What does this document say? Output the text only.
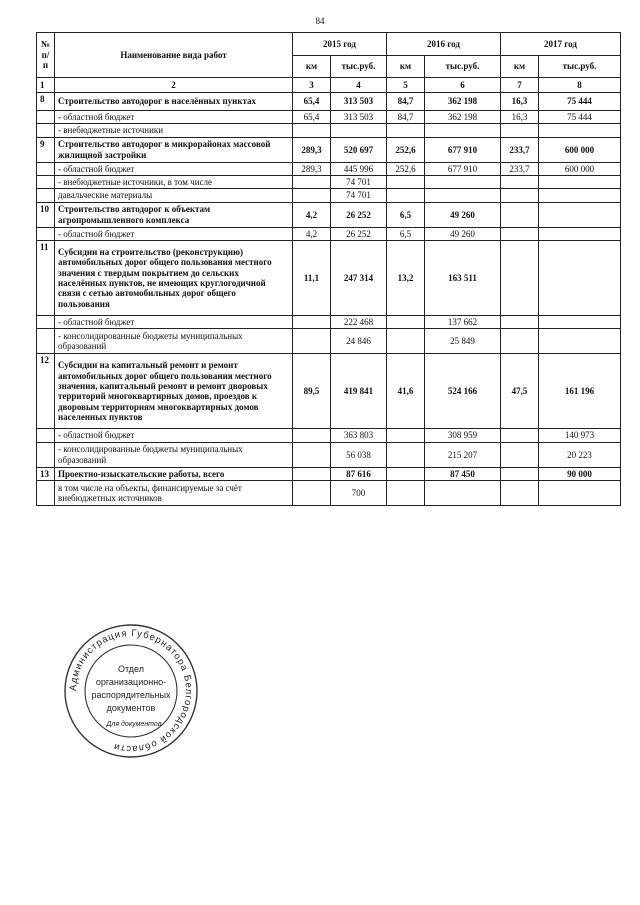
84
№
п/п	Наименование вида работ	2015 год		2016 год		2017 год	
		км	тыс.руб.	км	тыс.руб.	км	тыс.руб.
1	2	3	4	5	6	7	8
8	Строительство автодорог в населённых пунктах	65,4	313 503	84,7	362 198	16,3	75 444
	- областной бюджет	65,4	313 503	84,7	362 198	16,3	75 444
	- внебюджетные источники						
9	Строительство автодорог в микрорайонах массовой жилищной застройки	289,3	520 697	252,6	677 910	233,7	600 000
	- областной бюджет	289,3	445 996	252,6	677 910	233,7	600 000
	- внебюджетные источники, в том числе		74 701				
	давальческие материалы		74 701				
10	Строительство автодорог к объектам агропромышленного комплекса	4,2	26 252	6,5	49 260		
	- областной бюджет	4,2	26 252	6,5	49 260		
11	Субсидии на строительство (реконструкцию) автомобильных дорог общего пользования местного значения с твердым покрытием до сельских населённых пунктов, не имеющих круглогодичной связи с сетью автомобильных дорог общего пользования	11,1	247 314	13,2	163 511		
	- областной бюджет		222 468		137 662		
	- консолидированные бюджеты муниципальных образований		24 846		25 849		
12	Субсидии на капитальный ремонт и ремонт автомобильных дорог общего пользования местного значения, капитальный ремонт и ремонт дворовых территорий многоквартирных домов, проездов к дворовым территориям многоквартирных домов населенных пунктов	89,5	419 841	41,6	524 166	47,5	161 196
	- областной бюджет		363 803		308 959		140 973
	- консолидированные бюджеты муниципальных образований		56 038		215 207		20 223
13	Проектно-изыскательские работы, всего		87 616		87 450		90 000
	в том числе на объекты, финансируемые за счёт внебюджетных источников		700				
Администрация Губернатора Белгородской области
Отдел
организационно-
распорядительных
документов
Для документов
